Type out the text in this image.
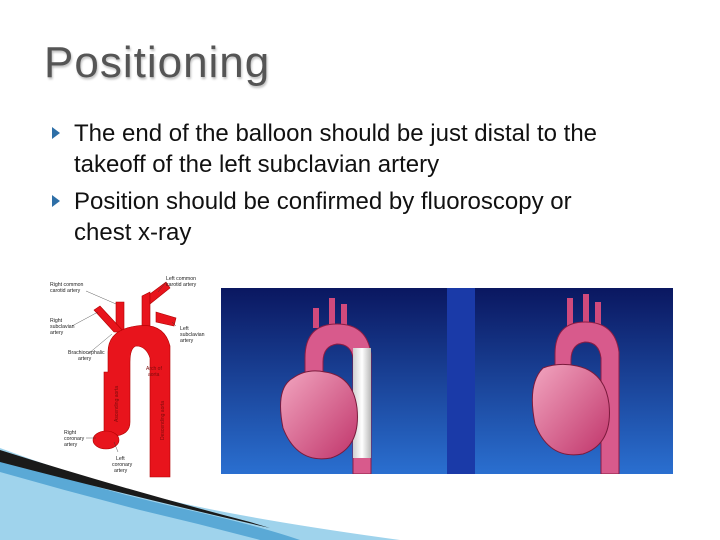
Positioning
The end of the balloon should be just distal to the takeoff of the left subclavian artery
Position should be confirmed by fluoroscopy or chest x-ray
Right common carotid artery
Left common carotid artery
Right subclavian artery
Left subclavian artery
Brachiocephalic artery
Arch of aorta
Ascending aorta	Descending aorta
Right coronary artery
Left coronary artery
